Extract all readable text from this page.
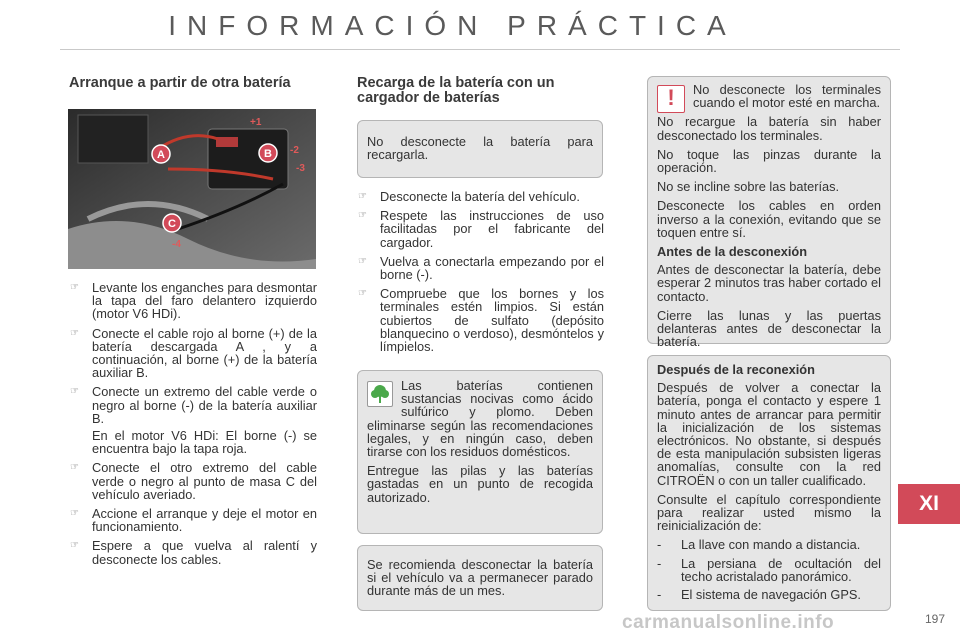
INFORMACIÓN PRÁCTICA
Arranque a partir de otra batería
A	B
C
+1
-2
-3
-4
☞ Levante los enganches para desmontar la tapa del faro delantero izquierdo (motor V6 HDi).
☞ Conecte el cable rojo al borne (+) de la batería descargada A , y a continuación, al borne (+) de la batería auxiliar B.
☞ Conecte un extremo del cable verde o negro al borne (-) de la batería auxiliar B.
En el motor V6 HDi: El borne (-) se encuentra bajo la tapa roja.
☞ Conecte el otro extremo del cable verde o negro al punto de masa C del vehículo averiado.
☞ Accione el arranque y deje el motor en funcionamiento.
☞ Espere a que vuelva al ralentí y desconecte los cables.
Recarga de la batería con un cargador de baterías
No desconecte la batería para recargarla.
☞ Desconecte la batería del vehículo.
☞ Respete las instrucciones de uso facilitadas por el fabricante del cargador.
☞ Vuelva a conectarla empezando por el borne (-).
☞ Compruebe que los bornes y los terminales estén limpios. Si están cubiertos de sulfato (depósito blanquecino o verdoso), desmóntelos y límpielos.

Las baterías contienen sustancias nocivas como ácido sulfúrico y plomo. Deben eliminarse según las recomendaciones legales, y en ningún caso, deben tirarse con los residuos domésticos.

Entregue las pilas y las baterías gastadas en un punto de recogida autorizado.

Se recomienda desconectar la batería si el vehículo va a permanecer parado durante más de un mes.
!	No desconecte los terminales cuando el motor esté en marcha.

No recargue la batería sin haber desconectado los terminales.

No toque las pinzas durante la operación.

No se incline sobre las baterías.

Desconecte los cables en orden inverso a la conexión, evitando que se toquen entre sí.

Antes de la desconexión

Antes de desconectar la batería, debe esperar 2 minutos tras haber cortado el contacto.

Cierre las lunas y las puertas delanteras antes de desconectar la batería.

Después de la reconexión

Después de volver a conectar la batería, ponga el contacto y espere 1 minuto antes de arrancar para permitir la inicialización de los sistemas electrónicos. No obstante, si después de esta manipulación subsisten ligeras anomalías, consulte con la red CITROËN o con un taller cualificado.

Consulte el capítulo correspondiente para realizar usted mismo la reinicialización de:

- La llave con mando a distancia.
- La persiana de ocultación del techo acristalado panorámico.
- El sistema de navegación GPS.
XI
carmanualsonline.info	197
